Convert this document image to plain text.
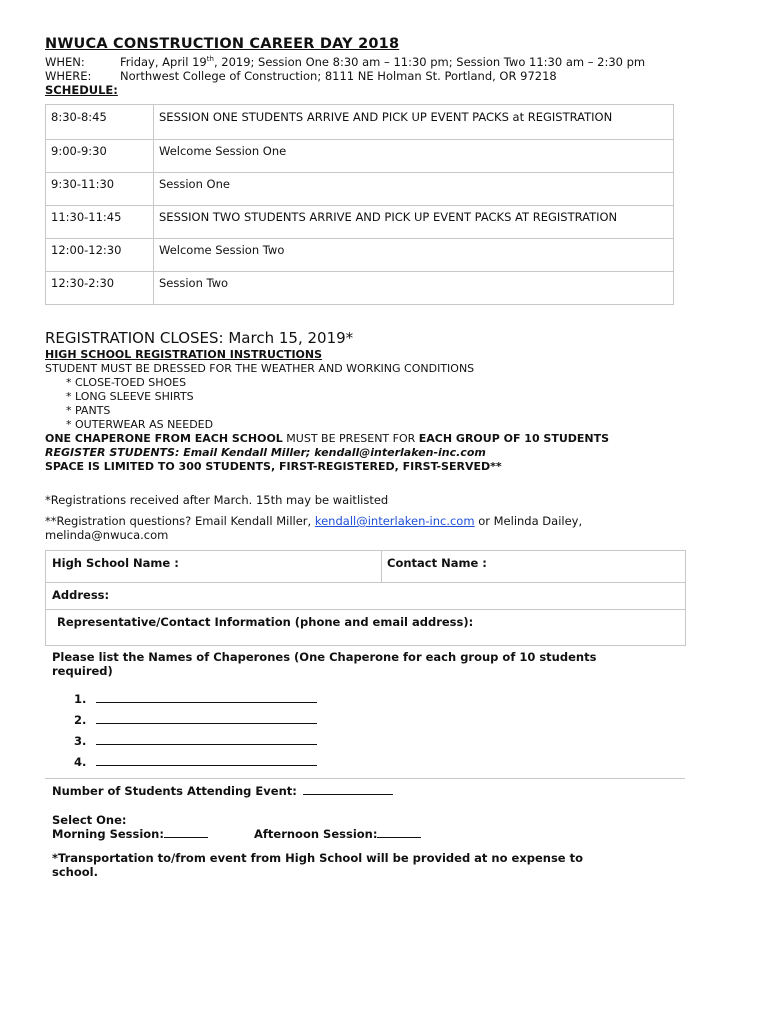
NWUCA CONSTRUCTION CAREER DAY 2018
WHEN:	Friday, April 19th, 2019; Session One 8:30 am – 11:30 pm; Session Two 11:30 am – 2:30 pm
WHERE: Northwest College of Construction; 8111 NE Holman St. Portland, OR 97218
SCHEDULE:
8:30-8:45	SESSION ONE STUDENTS ARRIVE AND PICK UP EVENT PACKS at REGISTRATION
9:00-9:30	Welcome Session One
9:30-11:30	Session One
11:30-11:45	SESSION TWO STUDENTS ARRIVE AND PICK UP EVENT PACKS AT REGISTRATION
12:00-12:30	Welcome Session Two
12:30-2:30	Session Two
REGISTRATION CLOSES: March 15, 2019*
HIGH SCHOOL REGISTRATION INSTRUCTIONS
STUDENT MUST BE DRESSED FOR THE WEATHER AND WORKING CONDITIONS
* CLOSE-TOED SHOES
* LONG SLEEVE SHIRTS
* PANTS
* OUTERWEAR AS NEEDED
ONE CHAPERONE FROM EACH SCHOOL MUST BE PRESENT FOR EACH GROUP OF 10 STUDENTS
REGISTER STUDENTS: Email Kendall Miller; kendall@interlaken-inc.com
SPACE IS LIMITED TO 300 STUDENTS, FIRST-REGISTERED, FIRST-SERVED**
*Registrations received after March. 15th may be waitlisted
**Registration questions? Email Kendall Miller, kendall@interlaken-inc.com or Melinda Dailey,
melinda@nwuca.com
High School Name :	Contact Name :
Address:
Representative/Contact Information (phone and email address):
Please list the Names of Chaperones (One Chaperone for each group of 10 students
required)
1.
2.
3.
4.
Number of Students Attending Event:
Select One:
Morning Session:	Afternoon Session:
*Transportation to/from event from High School will be provided at no expense to
school.
